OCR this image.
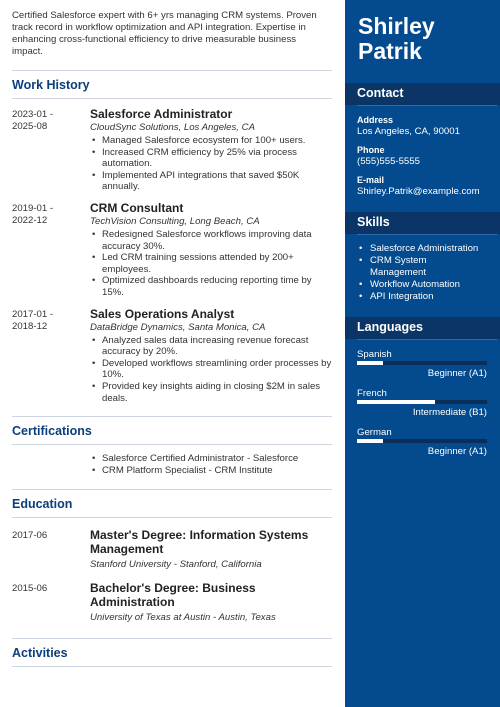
Certified Salesforce expert with 6+ yrs managing CRM systems. Proven track record in workflow optimization and API integration. Expertise in enhancing cross-functional efficiency to drive measurable business impact.

Work History
2023-01 -
2025-08
Salesforce Administrator
CloudSync Solutions, Los Angeles, CA
• Managed Salesforce ecosystem for 100+ users.
• Increased CRM efficiency by 25% via process automation.
• Implemented API integrations that saved $50K annually.
2019-01 -
2022-12
CRM Consultant
TechVision Consulting, Long Beach, CA
• Redesigned Salesforce workflows improving data accuracy 30%.
• Led CRM training sessions attended by 200+ employees.
• Optimized dashboards reducing reporting time by 15%.
2017-01 -
2018-12
Sales Operations Analyst
DataBridge Dynamics, Santa Monica, CA
• Analyzed sales data increasing revenue forecast accuracy by 20%.
• Developed workflows streamlining order processes by 10%.
• Provided key insights aiding in closing $2M in sales deals.
Certifications
• Salesforce Certified Administrator - Salesforce
• CRM Platform Specialist - CRM Institute
Education
2017-06	Master's Degree: Information Systems Management
Stanford University - Stanford, California
2015-06	Bachelor's Degree: Business Administration
University of Texas at Austin - Austin, Texas
Activities
Shirley
Patrik
Contact
Address
Los Angeles, CA, 90001
Phone
(555)555-5555
E-mail
Shirley.Patrik@example.com
Skills
• Salesforce Administration
• CRM System Management
• Workflow Automation
• API Integration
Languages
Spanish
Beginner (A1)
French
Intermediate (B1)
German
Beginner (A1)
